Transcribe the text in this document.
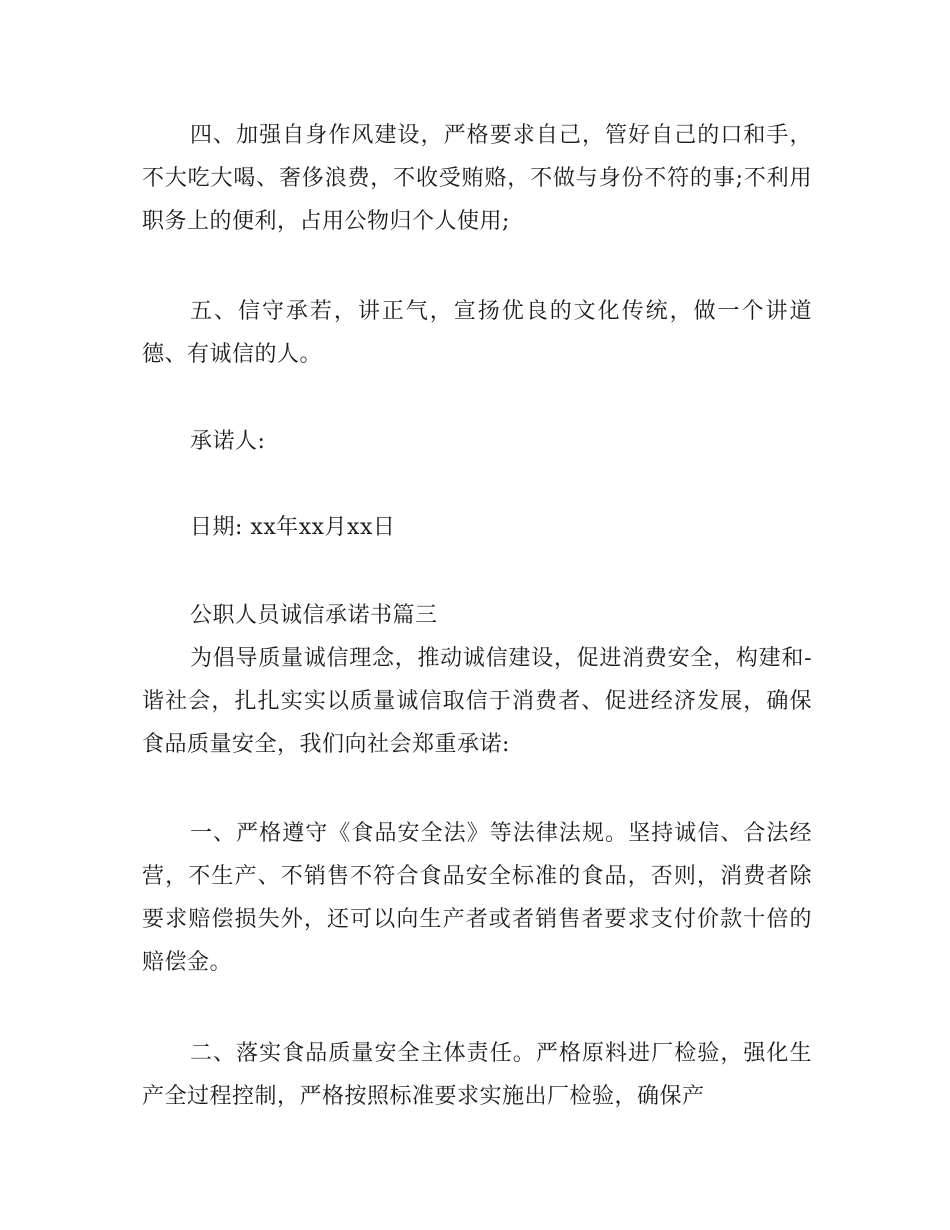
四、加强自身作风建设，严格要求自己，管好自己的口和手，不大吃大喝、奢侈浪费，不收受贿赂，不做与身份不符的事;不利用职务上的便利，占用公物归个人使用;

五、信守承若，讲正气，宣扬优良的文化传统，做一个讲道德、有诚信的人。

承诺人:

日期: xx年xx月xx日

公职人员诚信承诺书篇三

为倡导质量诚信理念，推动诚信建设，促进消费安全，构建和-谐社会，扎扎实实以质量诚信取信于消费者、促进经济发展，确保食品质量安全，我们向社会郑重承诺:

一、严格遵守《食品安全法》等法律法规。坚持诚信、合法经营，不生产、不销售不符合食品安全标准的食品，否则，消费者除要求赔偿损失外，还可以向生产者或者销售者要求支付价款十倍的赔偿金。

二、落实食品质量安全主体责任。严格原料进厂检验，强化生产全过程控制，严格按照标准要求实施出厂检验，确保产
